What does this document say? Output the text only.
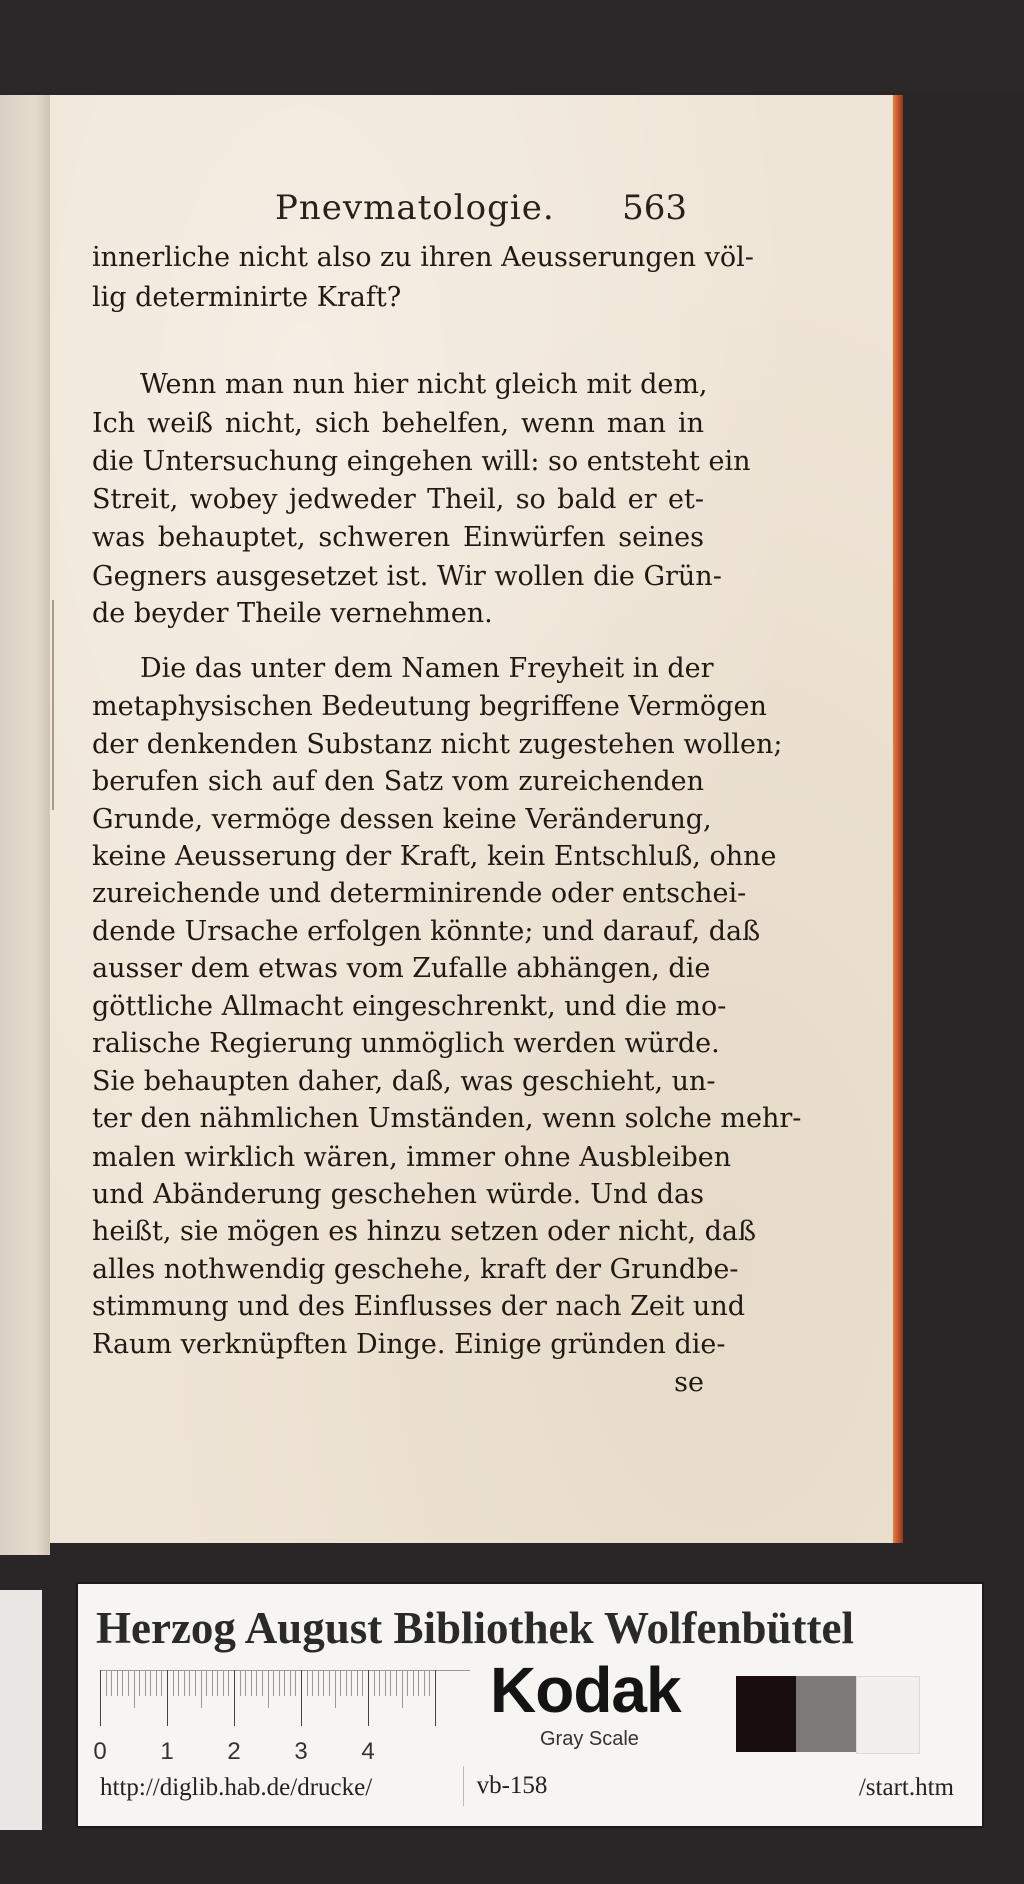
Pnevmatologie. 563
se
Herzog August Bibliothek Wolfenbüttel
0 1 2 3 4
Kodak
Gray Scale
http://diglib.hab.de/drucke/	vb-158	/start.htm
innerliche nicht also zu ihren Aeusserungen völ-
lig determinirte Kraft?
Wenn man nun hier nicht gleich mit dem,
Ich weiß nicht, sich behelfen, wenn man in
die Untersuchung eingehen will: so entsteht ein
Streit, wobey jedweder Theil, so bald er et-
was behauptet, schweren Einwürfen seines
Gegners ausgesetzet ist. Wir wollen die Grün-
de beyder Theile vernehmen.
Die das unter dem Namen Freyheit in der
metaphysischen Bedeutung begriffene Vermögen
der denkenden Substanz nicht zugestehen wollen;
berufen sich auf den Satz vom zureichenden
Grunde, vermöge dessen keine Veränderung,
keine Aeusserung der Kraft, kein Entschluß, ohne
zureichende und determinirende oder entschei-
dende Ursache erfolgen könnte; und darauf, daß
ausser dem etwas vom Zufalle abhängen, die
göttliche Allmacht eingeschrenkt, und die mo-
ralische Regierung unmöglich werden würde.
Sie behaupten daher, daß, was geschieht, un-
ter den nähmlichen Umständen, wenn solche mehr-
malen wirklich wären, immer ohne Ausbleiben
und Abänderung geschehen würde. Und das
heißt, sie mögen es hinzu setzen oder nicht, daß
alles nothwendig geschehe, kraft der Grundbe-
stimmung und des Einflusses der nach Zeit und
Raum verknüpften Dinge. Einige gründen die-
